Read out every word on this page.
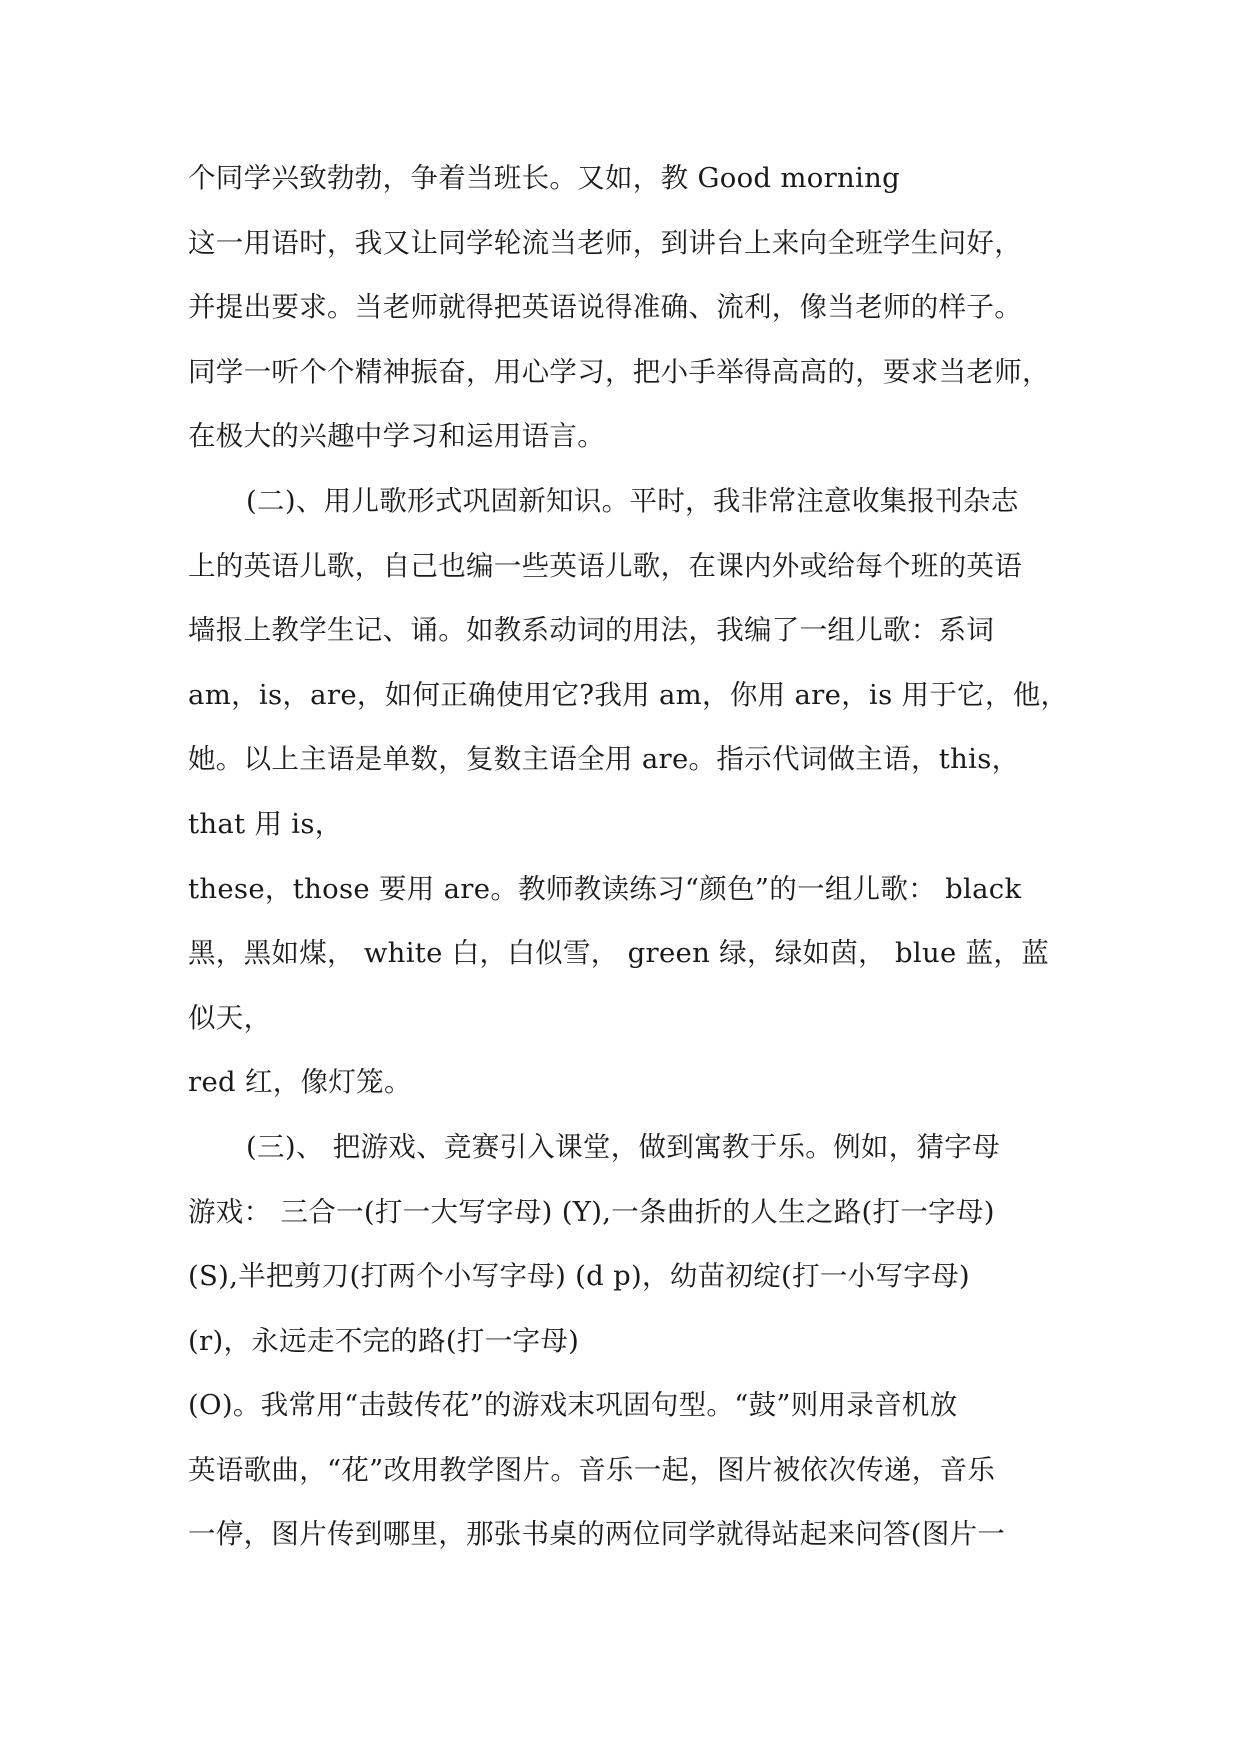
个同学兴致勃勃，争着当班长。又如，教 Good morning
这一用语时，我又让同学轮流当老师，到讲台上来向全班学生问好，
并提出要求。当老师就得把英语说得准确、流利，像当老师的样子。
同学一听个个精神振奋，用心学习，把小手举得高高的，要求当老师，
在极大的兴趣中学习和运用语言。
(二)、用儿歌形式巩固新知识。平时，我非常注意收集报刊杂志
上的英语儿歌，自己也编一些英语儿歌，在课内外或给每个班的英语
墙报上教学生记、诵。如教系动词的用法，我编了一组儿歌：系词
am，is，are，如何正确使用它?我用 am，你用 are，is 用于它，他，
她。以上主语是单数，复数主语全用 are。指示代词做主语，this，
that 用 is，
these，those 要用 are。教师教读练习“颜色”的一组儿歌： black
黑，黑如煤， white 白，白似雪， green 绿，绿如茵， blue 蓝，蓝
似天，
red 红，像灯笼。
(三)、 把游戏、竞赛引入课堂，做到寓教于乐。例如，猜字母
游戏： 三合一(打一大写字母) (Y),一条曲折的人生之路(打一字母)
(S),半把剪刀(打两个小写字母) (d p)，幼苗初绽(打一小写字母)
(r)，永远走不完的路(打一字母)
(O)。我常用“击鼓传花”的游戏末巩固句型。“鼓”则用录音机放
英语歌曲，“花”改用教学图片。音乐一起，图片被依次传递，音乐
一停，图片传到哪里，那张书桌的两位同学就得站起来问答(图片一
